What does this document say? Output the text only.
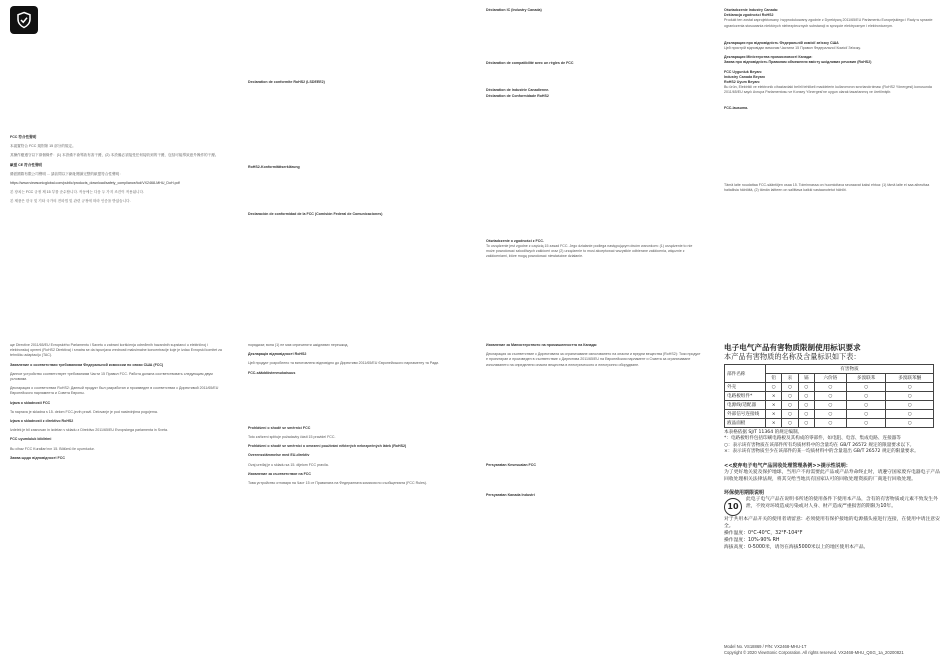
FCC 符合性聲明

本裝置符合 FCC 規則第 15 部分的規定。

其操作應遵守以下兩個條件：(1) 本設備不會導致有害干擾，(2) 本設備必須接受任何接收到的干擾，包括可能導致意外操作的干擾。

歐盟 CE 符合性聲明

優派國際有限公司聲明 ... 請訪問以下網址閱讀完整的歐盟符合性聲明：

https://www.viewsonicglobal.com/public/products_download/safety_compliance/lcd/VX2468-MHU_DoH.pdf

본 장치는 FCC 규정 제 15 부를 준수합니다. 작동에는 다음 두 가지 조건이 적용됩니다.

본 제품은 한국 및 기타 국가의 전파법 및 관련 규정에 따라 인증을 받았습니다.

ще Directive 2011/65/EU Evropského Parlamentu i Savetu o zabrani korišćenja određenih hazardnih supstanci u električnoj i elektronskoj opremi (RoHS2 Direktiva) i smatra se da ispunjava vrednosti maksimalne koncentracije koje je izdao Evropski komitet za tehničku adaptaciju (TAC).

Заявление о соответствии требованиям Федеральной комиссии по связи США (FCC)

Данное устройство соответствует требованиям Части 15 Правил FCC. Работа должна соответствовать следующим двум условиям.

Декларация о соответствии RoHS2: Данный продукт был разработан и произведен в соответствии с Директивой 2011/65/EU Европейского парламента и Совета Европы.

Izjava o skladnosti FCC

Ta naprava je skladna s 15. delom FCC-jevih pravil. Delovanje je pod naslednjima pogojema.

Izjava o skladnosti z direktivo RoHS2

Izdelek je bil zasnovan in izdelan v skladu z Direktivo 2011/65/EU Evropskega parlamenta in Sveta.

FCC uyumluluk bildirimi

Bu cihaz FCC Kuralları'nın 15. Bölümü ile uyumludur.

Заява щодо відповідності FCC

Declaration de conformite RoHS2 (LSDEEE2)

RoHS2-Konformitätserklärung

Declaración de conformidad de la FCC (Comisión Federal de Comunicaciones)

порядком; вона (1) не має спричиняти шкідливих перешкод.

Декларація відповідності RoHS2

Цей продукт розроблено та виготовлено відповідно до Директиви 2011/65/EU Європейського парламенту та Ради.

FCC-sääddöstenmukaisuus

Prohlášení o shodě se směrnicí FCC

Toto zařízení splňuje požadavky části 15 pravidel FCC.

Prohlášení o shodě se směrnicí o omezení používání některých nebezpečných látek (RoHS2)

Overensstämmelse med EU-direktiv

Ovaj uređaj je u skladu sa 15. dijelom FCC pravila.

Изявление за съответствие на FCC

Това устройство отговаря на Част 15 от Правилата на Федералната комисия по съобщенията (FCC Rules).

Déclaration IC (Industry Canada)

Déclaration de compatibilité avec un règles de FCC

Déclaration de Industrie Canadienne.

Déclaration de Conformidade RoHS2

Oświadczenie o zgodności z FCC.

To urządzenie jest zgodne z częścią 15 zasad FCC. Jego działanie podlega następującym dwóm warunkom: (1) urządzenie to nie może powodować szkodliwych zakłóceń oraz (2) urządzenie to musi akceptować wszystkie odbierane zakłócenia, włącznie z zakłóceniami, które mogą powodować niewłaściwe działanie.

Изявление за Министерството на промишлеността на Канада:

Декларация за съответствие с Директивата за ограничаване използването на опасни и вредни вещества (RoHS2): Този продукт е проектиран и произведен в съответствие с Директива 2011/65/EU на Европейския парламент и Съвета за ограничаване използването на определени опасни вещества в електрическото и електронно оборудване.

Persyaratan Kesesuaian FCC

Persyaratan Kanada Industri

Oświadczenie Industry Canada:

Deklaracja zgodności RoHS2

Produkt ten został zaprojektowany i wyprodukowany zgodnie z Dyrektywą 2011/65/EU Parlamentu Europejskiego i Rady w sprawie ograniczenia stosowania niektórych niebezpiecznych substancji w sprzęcie elektrycznym i elektronicznym.

Декларация про відповідність Федеральній комісії зв'язку США

Цей пристрій відповідає вимогам Частини 15 Правил Федеральної Комісії Зв'язку.

Декларация Міністерства промисловості Канади:

Заява про відповідність Правилам обмеження вмісту шкідливих речовин (RoHS2)

FCC Uygunluk Beyanı

Industry Canada Beyanı

RoHS2 Uyum Beyanı

Bu ürün, Elektrikli ve elektronik cihazlardaki belirli tehlikeli maddelerin kullanımının sınırlandırılması (RoHS2 Yönergesi) konusunda 2011/65/EU sayılı Avrupa Parlamentosu ve Konsey Yönergesi'ne uygun olarak tasarlanmış ve üretilmiştir.

FCC-lausuma.

Tämä laite noudattaa FCC-sääntöjen osaa 15. Toiminnassa on huomioitava seuraavat kaksi ehtoa: (1) tämä laite ei saa aiheuttaa haitallisia häiriöitä, (2) tämän laitteen on sallittava kaikki vastaanotetut häiriöt.

电子电气产品有害物质限制使用标识要求
本产品有害物质的名称及含量标识如下表：
部件名称	有害物质					
	铅	汞	镉	六价铬	多溴联苯	多溴联苯醚
外壳	○	○	○	○	○	○
电路板组件*	×	○	○	○	○	○
电源线/适配器	×	○	○	○	○	○
外部信号连接线	×	○	○	○	○	○
液晶面板	×	○	○	○	○	○
本表格依据 SJ/T 11364 的规定编制。
*：电路板组件包括印刷电路板及其构成的零部件，如电阻、电容、集成电路、连接器等
○：表示该有害物质在该部件所有均质材料中的含量均在 GB/T 26572 规定的限量要求以下。
×：表示该有害物质至少在该部件的某一均质材料中的含量超出 GB/T 26572 规定的限量要求。
<<废弃电子电气产品回收处理管理条例>>提示性说明：
为了更好地关爱及保护地球，当用户不再需要此产品或产品寿命终止时，请遵守国家废弃电器电子产品回收处理相关法律法规，将其交给当地具有国家认可的回收处理资质的厂商进行回收处理。
环保使用期限说明
10
此电子电气产品在说明书所述的使用条件下使用本产品，含有的有害物质或元素不致发生外泄，不致对环境造成污染或对人身、财产造成严重损害的期限为10年。
对于共用本产品开关的使用者请留意：必须使用有保护接地的电源插头座进行连接，在使用中请注意安全。
操作温度：0°C-40°C，32°F-104°F
操作湿度：10%-90% RH
海拔高度：0-5000米，请勿在海拔5000米以上的地区使用本产品。
Model No. VS18869 / P/N: VX2468-MHU-1T
Copyright © 2020 ViewSonic Corporation. All rights reserved. VX2468-MHU_QSG_1a_20200821
